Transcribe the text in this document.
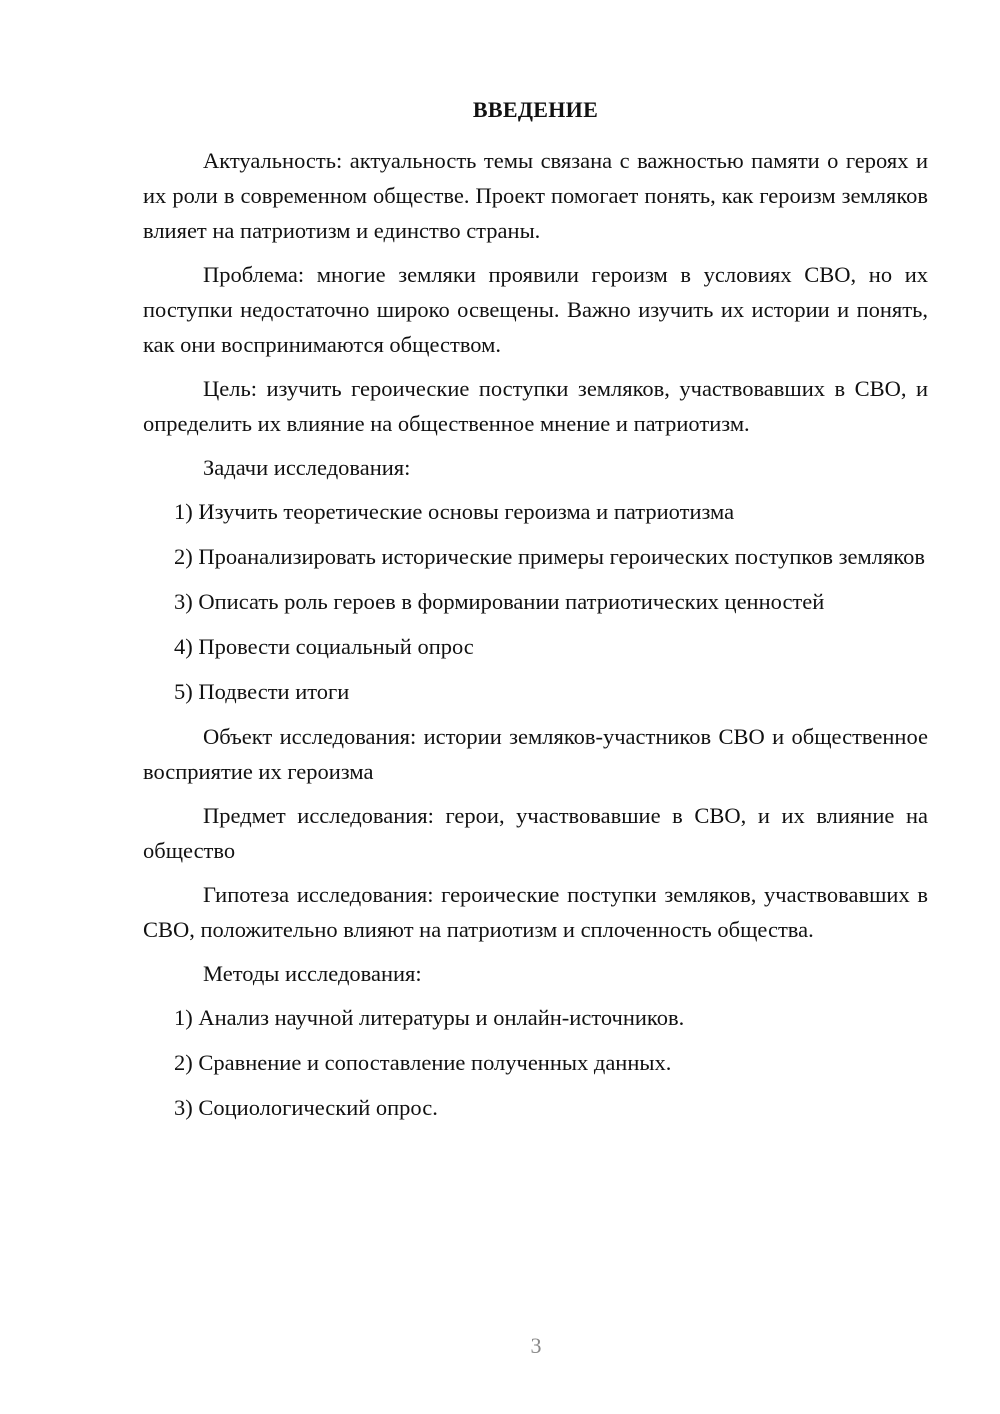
ВВЕДЕНИЕ

Актуальность: актуальность темы связана с важностью памяти о героях и их роли в современном обществе. Проект помогает понять, как героизм земляков влияет на патриотизм и единство страны.

Проблема: многие земляки проявили героизм в условиях СВО, но их поступки недостаточно широко освещены. Важно изучить их истории и понять, как они воспринимаются обществом.

Цель: изучить героические поступки земляков, участвовавших в СВО, и определить их влияние на общественное мнение и патриотизм.

Задачи исследования:

1) Изучить теоретические основы героизма и патриотизма

2) Проанализировать исторические примеры героических поступков земляков

3) Описать роль героев в формировании патриотических ценностей

4) Провести социальный опрос

5) Подвести итоги

Объект исследования: истории земляков-участников СВО и общественное восприятие их героизма

Предмет исследования: герои, участвовавшие в СВО, и их влияние на общество

Гипотеза исследования: героические поступки земляков, участвовавших в СВО, положительно влияют на патриотизм и сплоченность общества.

Методы исследования:

1) Анализ научной литературы и онлайн-источников.

2) Сравнение и сопоставление полученных данных.

3) Социологический опрос.

3
